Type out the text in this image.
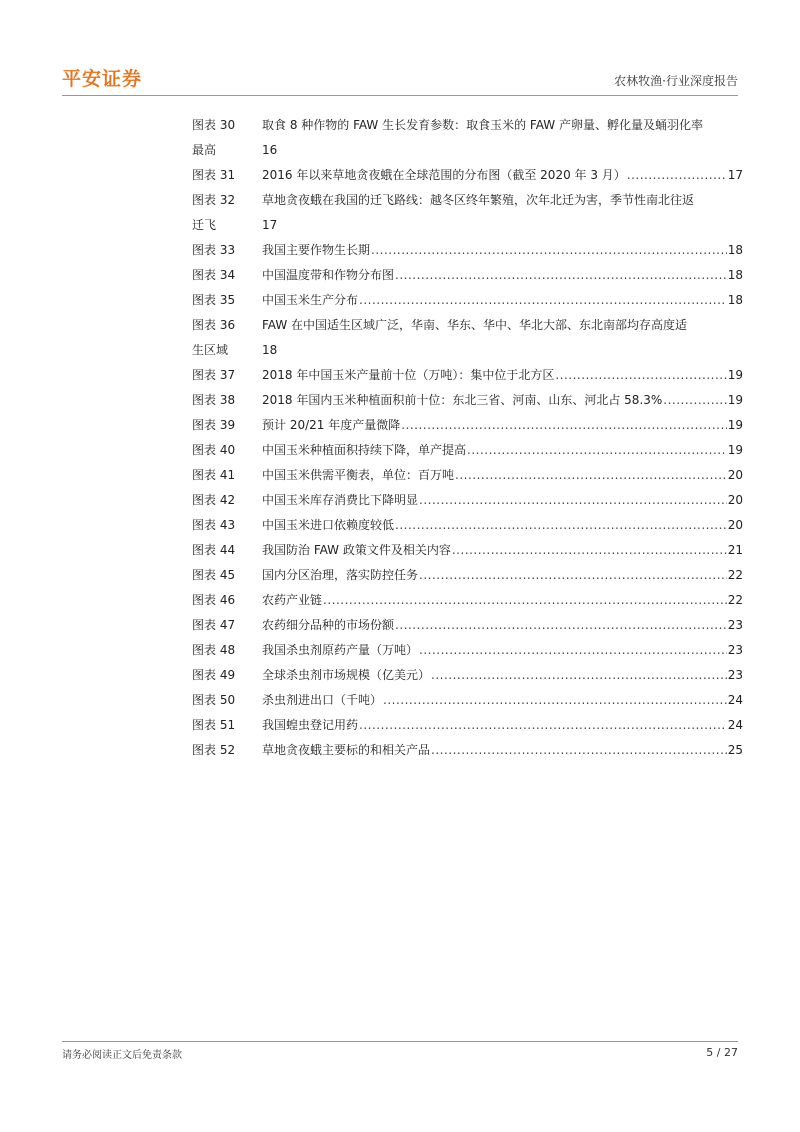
平安证券	农林牧渔·行业深度报告
图表 30	取食 8 种作物的 FAW 生长发育参数：取食玉米的 FAW 产卵量、孵化量及蛹羽化率
最高	16
图表 31	2016 年以来草地贪夜蛾在全球范围的分布图（截至 2020 年 3 月） .....	17
图表 32	草地贪夜蛾在我国的迁飞路线：越冬区终年繁殖，次年北迁为害，季节性南北往返
迁飞	17
图表 33	我国主要作物生长期 .....	18
图表 34	中国温度带和作物分布图 .....	18
图表 35	中国玉米生产分布 .....	18
图表 36	FAW 在中国适生区域广泛，华南、华东、华中、华北大部、东北南部均存高度适
生区域	18
图表 37	2018 年中国玉米产量前十位（万吨）：集中位于北方区 .....	19
图表 38	2018 年国内玉米种植面积前十位：东北三省、河南、山东、河北占 58.3% .....	19
图表 39	预计 20/21 年度产量微降 .....	19
图表 40	中国玉米种植面积持续下降，单产提高 .....	19
图表 41	中国玉米供需平衡表，单位：百万吨 .....	20
图表 42	中国玉米库存消费比下降明显 .....	20
图表 43	中国玉米进口依赖度较低 .....	20
图表 44	我国防治 FAW 政策文件及相关内容 .....	21
图表 45	国内分区治理，落实防控任务 .....	22
图表 46	农药产业链 .....	22
图表 47	农药细分品种的市场份额 .....	23
图表 48	我国杀虫剂原药产量（万吨） .....	23
图表 49	全球杀虫剂市场规模（亿美元） .....	23
图表 50	杀虫剂进出口（千吨） .....	24
图表 51	我国蝗虫登记用药 .....	24
图表 52	草地贪夜蛾主要标的和相关产品 .....	25
请务必阅读正文后免责条款	5 / 27
